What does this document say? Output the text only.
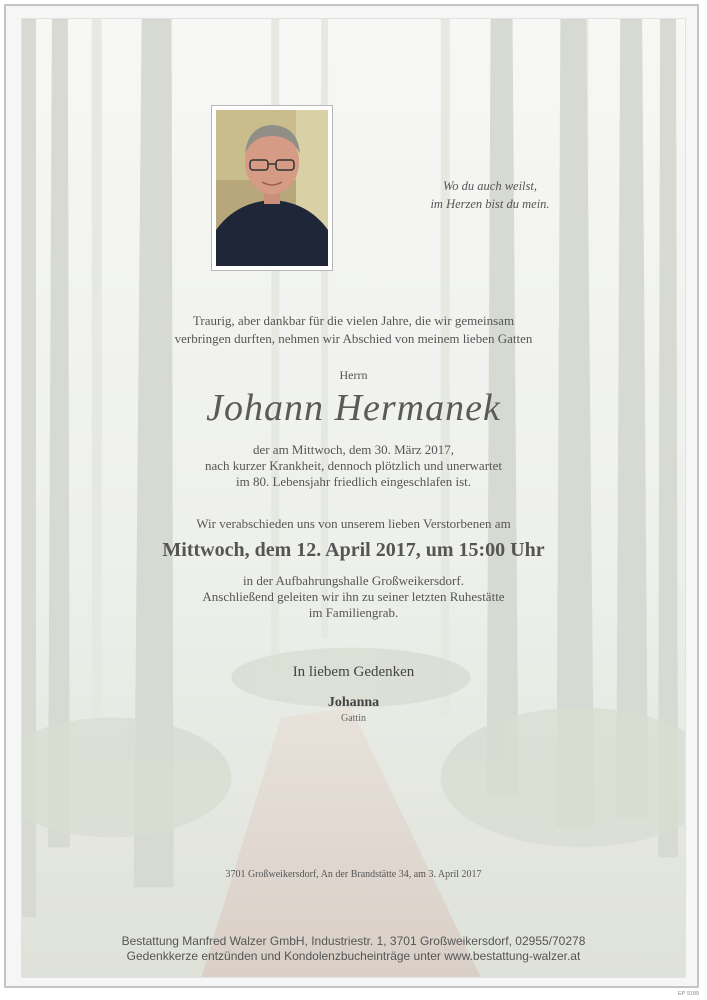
Wo du auch weilst,
im Herzen bist du mein.
Traurig, aber dankbar für die vielen Jahre, die wir gemeinsam
verbringen durften, nehmen wir Abschied von meinem lieben Gatten
Herrn
Johann Hermanek
der am Mittwoch, dem 30. März 2017,
nach kurzer Krankheit, dennoch plötzlich und unerwartet
im 80. Lebensjahr friedlich eingeschlafen ist.
Wir verabschieden uns von unserem lieben Verstorbenen am
Mittwoch, dem 12. April 2017, um 15:00 Uhr
in der Aufbahrungshalle Großweikersdorf.
Anschließend geleiten wir ihn zu seiner letzten Ruhestätte
im Familiengrab.
In liebem Gedenken
Johanna
Gattin
3701 Großweikersdorf, An der Brandstätte 34, am 3. April 2017
Bestattung Manfred Walzer GmbH, Industriestr. 1, 3701 Großweikersdorf, 02955/70278
Gedenkkerze entzünden und Kondolenzbucheinträge unter www.bestattung-walzer.at
EP 9189
